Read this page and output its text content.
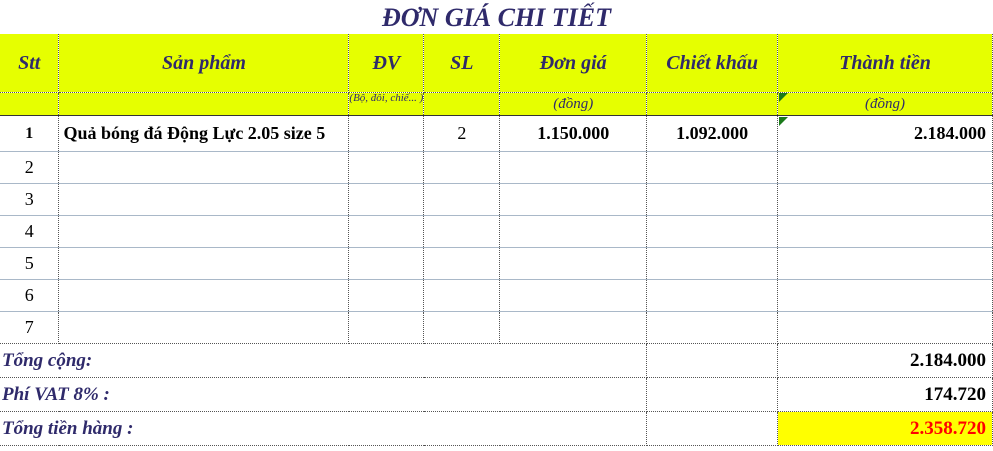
ĐƠN GIÁ CHI TIẾT
Stt	Sản phẩm	ĐV	SL	Đơn giá	Chiết khấu	Thành tiền
		(Bộ, đôi, chiế... )		(đồng)		(đồng)
1	Quả bóng đá Động Lực 2.05 size 5		2	1.150.000	1.092.000	2.184.000
2						
3						
4						
5						
6						
7						
Tổng cộng:						2.184.000
Phí VAT 8% :						174.720
Tổng tiền hàng :						2.358.720
